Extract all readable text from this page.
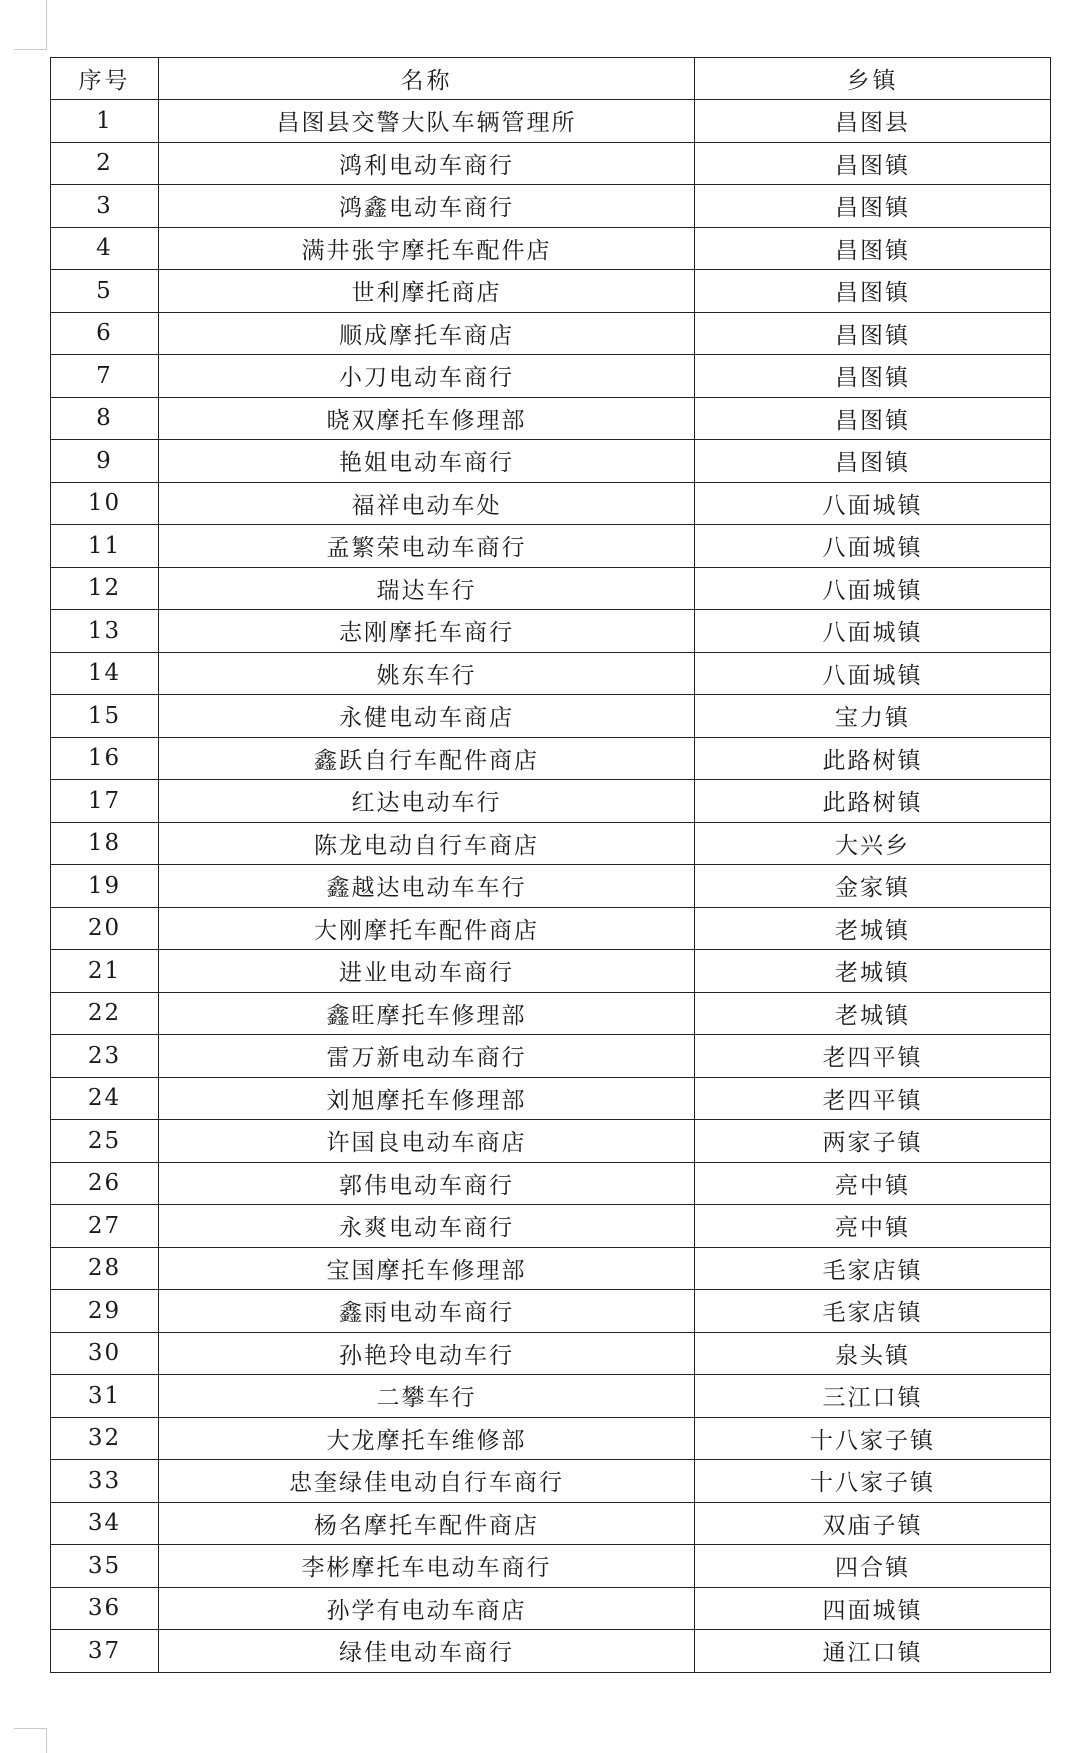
序号	名称	乡镇
1	昌图县交警大队车辆管理所	昌图县
2	鸿利电动车商行	昌图镇
3	鸿鑫电动车商行	昌图镇
4	满井张宇摩托车配件店	昌图镇
5	世利摩托商店	昌图镇
6	顺成摩托车商店	昌图镇
7	小刀电动车商行	昌图镇
8	晓双摩托车修理部	昌图镇
9	艳姐电动车商行	昌图镇
10	福祥电动车处	八面城镇
11	孟繁荣电动车商行	八面城镇
12	瑞达车行	八面城镇
13	志刚摩托车商行	八面城镇
14	姚东车行	八面城镇
15	永健电动车商店	宝力镇
16	鑫跃自行车配件商店	此路树镇
17	红达电动车行	此路树镇
18	陈龙电动自行车商店	大兴乡
19	鑫越达电动车车行	金家镇
20	大刚摩托车配件商店	老城镇
21	进业电动车商行	老城镇
22	鑫旺摩托车修理部	老城镇
23	雷万新电动车商行	老四平镇
24	刘旭摩托车修理部	老四平镇
25	许国良电动车商店	两家子镇
26	郭伟电动车商行	亮中镇
27	永爽电动车商行	亮中镇
28	宝国摩托车修理部	毛家店镇
29	鑫雨电动车商行	毛家店镇
30	孙艳玲电动车行	泉头镇
31	二攀车行	三江口镇
32	大龙摩托车维修部	十八家子镇
33	忠奎绿佳电动自行车商行	十八家子镇
34	杨名摩托车配件商店	双庙子镇
35	李彬摩托车电动车商行	四合镇
36	孙学有电动车商店	四面城镇
37	绿佳电动车商行	通江口镇
